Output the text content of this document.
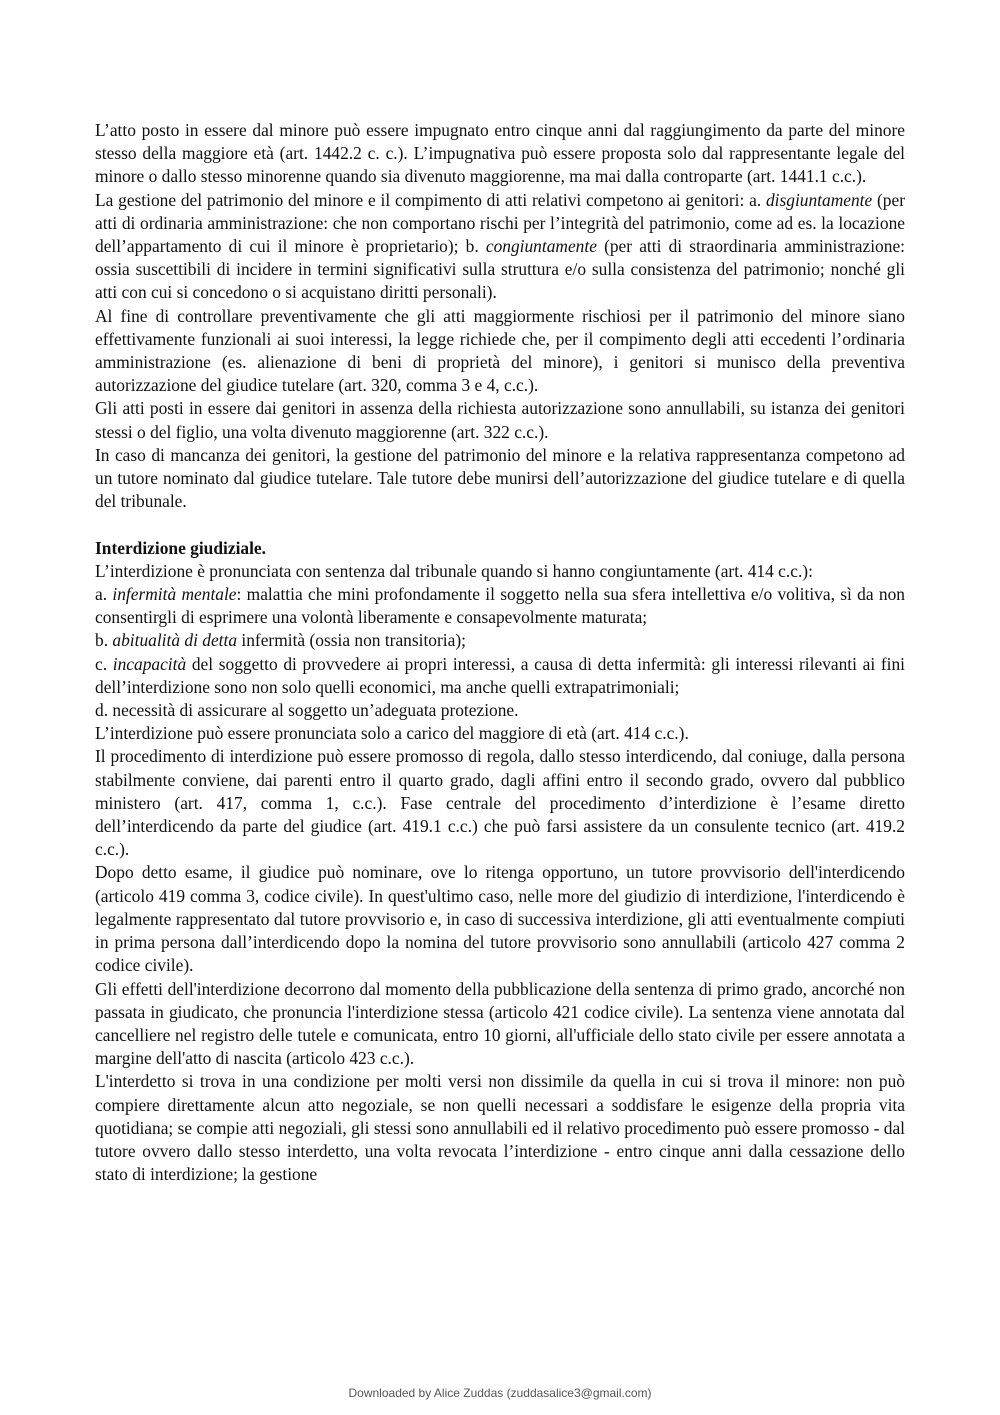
L’atto posto in essere dal minore può essere impugnato entro cinque anni dal raggiungimento da parte del minore stesso della maggiore età (art. 1442.2 c. c.). L’impugnativa può essere proposta solo dal rappresentante legale del minore o dallo stesso minorenne quando sia divenuto maggiorenne, ma mai dalla controparte (art. 1441.1 c.c.).

La gestione del patrimonio del minore e il compimento di atti relativi competono ai genitori: a. disgiuntamente (per atti di ordinaria amministrazione: che non comportano rischi per l’integrità del patrimonio, come ad es. la locazione dell’appartamento di cui il minore è proprietario); b. congiuntamente (per atti di straordinaria amministrazione: ossia suscettibili di incidere in termini significativi sulla struttura e/o sulla consistenza del patrimonio; nonché gli atti con cui si concedono o si acquistano diritti personali).

Al fine di controllare preventivamente che gli atti maggiormente rischiosi per il patrimonio del minore siano effettivamente funzionali ai suoi interessi, la legge richiede che, per il compimento degli atti eccedenti l’ordinaria amministrazione (es. alienazione di beni di proprietà del minore), i genitori si munisco della preventiva autorizzazione del giudice tutelare (art. 320, comma 3 e 4, c.c.).

Gli atti posti in essere dai genitori in assenza della richiesta autorizzazione sono annullabili, su istanza dei genitori stessi o del figlio, una volta divenuto maggiorenne (art. 322 c.c.).

In caso di mancanza dei genitori, la gestione del patrimonio del minore e la relativa rappresentanza competono ad un tutore nominato dal giudice tutelare. Tale tutore debe munirsi dell’autorizzazione del giudice tutelare e di quella del tribunale.

Interdizione giudiziale.

L’interdizione è pronunciata con sentenza dal tribunale quando si hanno congiuntamente (art. 414 c.c.):

a. infermità mentale: malattia che mini profondamente il soggetto nella sua sfera intellettiva e/o volitiva, sì da non consentirgli di esprimere una volontà liberamente e consapevolmente maturata;

b. abitualità di detta infermità (ossia non transitoria);

c. incapacità del soggetto di provvedere ai propri interessi, a causa di detta infermità: gli interessi rilevanti ai fini dell’interdizione sono non solo quelli economici, ma anche quelli extrapatrimoniali;

d. necessità di assicurare al soggetto un’adeguata protezione.

L’interdizione può essere pronunciata solo a carico del maggiore di età (art. 414 c.c.).

Il procedimento di interdizione può essere promosso di regola, dallo stesso interdicendo, dal coniuge, dalla persona stabilmente conviene, dai parenti entro il quarto grado, dagli affini entro il secondo grado, ovvero dal pubblico ministero (art. 417, comma 1, c.c.). Fase centrale del procedimento d’interdizione è l’esame diretto dell’interdicendo da parte del giudice (art. 419.1 c.c.) che può farsi assistere da un consulente tecnico (art. 419.2 c.c.).

Dopo detto esame, il giudice può nominare, ove lo ritenga opportuno, un tutore provvisorio dell'interdicendo (articolo 419 comma 3, codice civile). In quest'ultimo caso, nelle more del giudizio di interdizione, l'interdicendo è legalmente rappresentato dal tutore provvisorio e, in caso di successiva interdizione, gli atti eventualmente compiuti in prima persona dall’interdicendo dopo la nomina del tutore provvisorio sono annullabili (articolo 427 comma 2 codice civile).

Gli effetti dell'interdizione decorrono dal momento della pubblicazione della sentenza di primo grado, ancorché non passata in giudicato, che pronuncia l'interdizione stessa (articolo 421 codice civile). La sentenza viene annotata dal cancelliere nel registro delle tutele e comunicata, entro 10 giorni, all'ufficiale dello stato civile per essere annotata a margine dell'atto di nascita (articolo 423 c.c.).

L'interdetto si trova in una condizione per molti versi non dissimile da quella in cui si trova il minore: non può compiere direttamente alcun atto negoziale, se non quelli necessari a soddisfare le esigenze della propria vita quotidiana; se compie atti negoziali, gli stessi sono annullabili ed il relativo procedimento può essere promosso - dal tutore ovvero dallo stesso interdetto, una volta revocata l’interdizione - entro cinque anni dalla cessazione dello stato di interdizione; la gestione

Downloaded by Alice Zuddas (zuddasalice3@gmail.com)
